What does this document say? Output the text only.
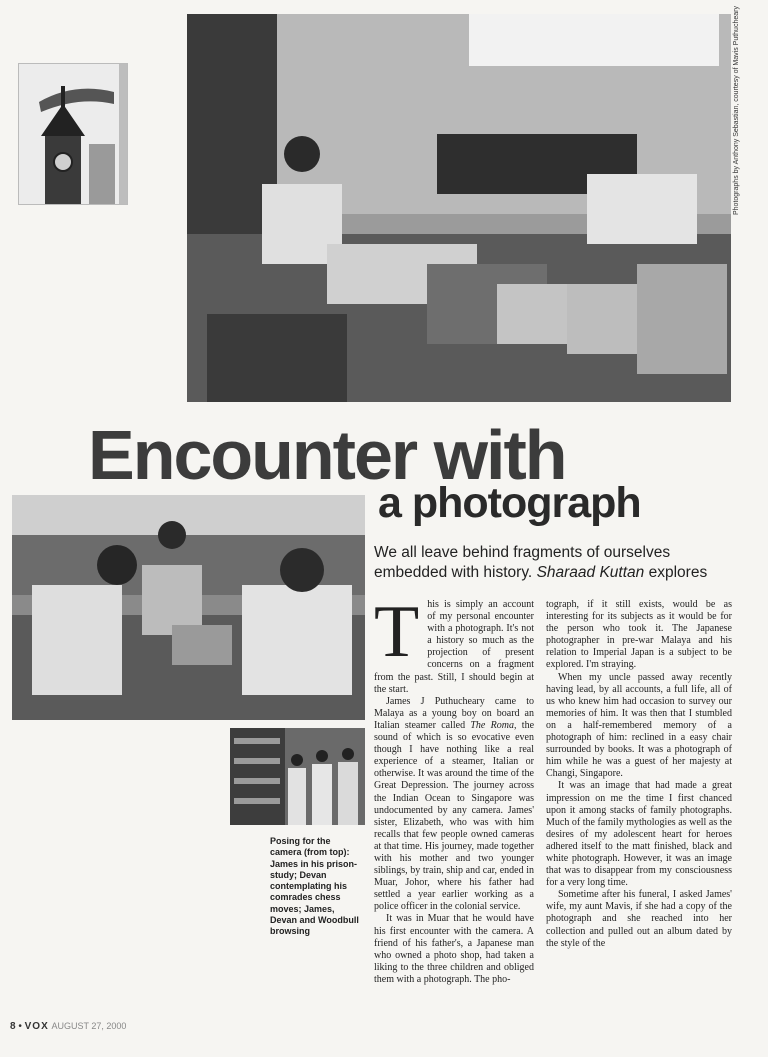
Photographs by Anthony Sebastian, courtesy of Mavis Puthucheary
Encounter with
a photograph
We all leave behind fragments of ourselves embedded with history. Sharaad Kuttan explores
Posing for the camera (from top): James in his prison-study; Devan contemplating his comrades chess moves; James, Devan and Woodbull browsing
T his is simply an account of my personal encounter with a photograph. It's not a history so much as the projection of present concerns on a fragment from the past. Still, I should begin at the start.

James J Puthucheary came to Malaya as a young boy on board an Italian steamer called The Roma, the sound of which is so evocative even though I have nothing like a real experience of a steamer, Italian or otherwise. It was around the time of the Great Depression. The journey across the Indian Ocean to Singapore was undocumented by any camera. James' sister, Elizabeth, who was with him recalls that few people owned cameras at that time. His journey, made together with his mother and two younger siblings, by train, ship and car, ended in Muar, Johor, where his father had settled a year earlier working as a police officer in the colonial service.

It was in Muar that he would have his first encounter with the camera. A friend of his father's, a Japanese man who owned a photo shop, had taken a liking to the three children and obliged them with a photograph. The pho-

tograph, if it still exists, would be as interesting for its subjects as it would be for the person who took it. The Japanese photographer in pre-war Malaya and his relation to Imperial Japan is a subject to be explored. I'm straying.

When my uncle passed away recently having lead, by all accounts, a full life, all of us who knew him had occasion to survey our memories of him. It was then that I stumbled on a half-remembered memory of a photograph of him: reclined in a easy chair surrounded by books. It was a photograph of him while he was a guest of her majesty at Changi, Singapore.

It was an image that had made a great impression on me the time I first chanced upon it among stacks of family photographs. Much of the family mythologies as well as the desires of my adolescent heart for heroes adhered itself to the matt finished, black and white photograph. However, it was an image that was to disappear from my consciousness for a very long time.

Sometime after his funeral, I asked James' wife, my aunt Mavis, if she had a copy of the photograph and she reached into her collection and pulled out an album dated by the style of the

8 • VOX AUGUST 27, 2000
